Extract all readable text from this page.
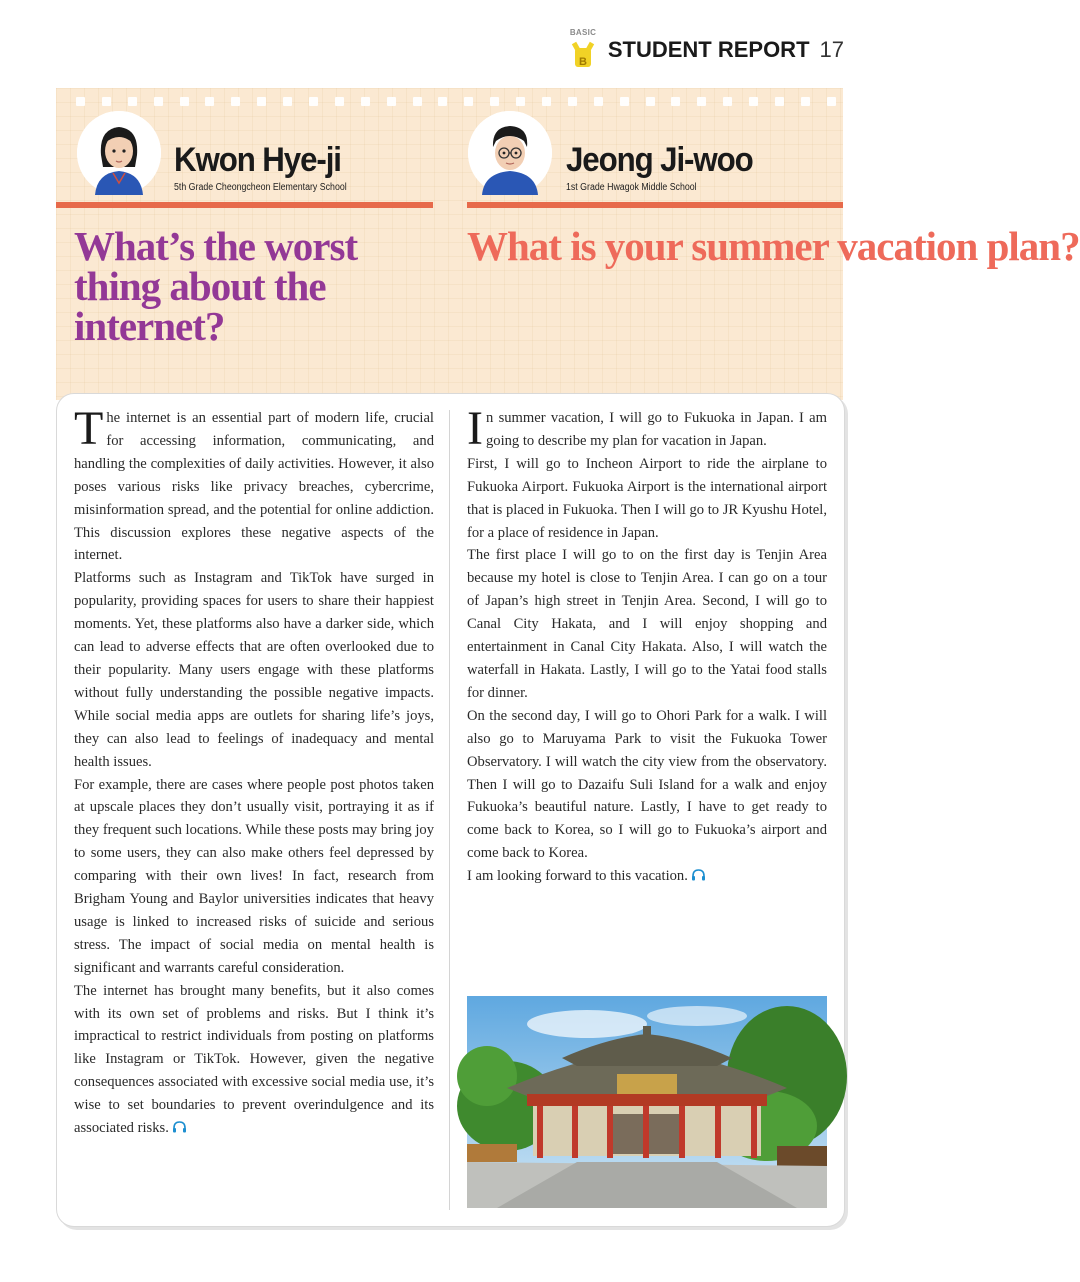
BASIC
B STUDENT REPORT 17
Kwon Hye-ji
5th Grade Cheongcheon Elementary School
What’s the worst thing about the internet?
Jeong Ji-woo
1st Grade Hwagok Middle School
What is your summer vacation plan?

The internet is an essential part of modern life, crucial for accessing information, communicating, and handling the complexities of daily activities. However, it also poses various risks like privacy breaches, cybercrime, misinformation spread, and the potential for online addiction. This discussion explores these negative aspects of the internet.

Platforms such as Instagram and TikTok have surged in popularity, providing spaces for users to share their happiest moments. Yet, these platforms also have a darker side, which can lead to adverse effects that are often overlooked due to their popularity. Many users engage with these platforms without fully understanding the possible negative impacts. While social media apps are outlets for sharing life’s joys, they can also lead to feelings of inadequacy and mental health issues.

For example, there are cases where people post photos taken at upscale places they don’t usually visit, portraying it as if they frequent such locations. While these posts may bring joy to some users, they can also make others feel depressed by comparing with their own lives! In fact, research from Brigham Young and Baylor universities indicates that heavy usage is linked to increased risks of suicide and serious stress. The impact of social media on mental health is significant and warrants careful consideration.

The internet has brought many benefits, but it also comes with its own set of problems and risks. But I think it’s impractical to restrict individuals from posting on platforms like Instagram or TikTok. However, given the negative consequences associated with excessive social media use, it’s wise to set boundaries to prevent overindulgence and its associated risks.

In summer vacation, I will go to Fukuoka in Japan. I am going to describe my plan for vacation in Japan.

First, I will go to Incheon Airport to ride the airplane to Fukuoka Airport. Fukuoka Airport is the international airport that is placed in Fukuoka. Then I will go to JR Kyushu Hotel, for a place of residence in Japan.

The first place I will go to on the first day is Tenjin Area because my hotel is close to Tenjin Area. I can go on a tour of Japan’s high street in Tenjin Area. Second, I will go to Canal City Hakata, and I will enjoy shopping and entertainment in Canal City Hakata. Also, I will watch the waterfall in Hakata. Lastly, I will go to the Yatai food stalls for dinner.

On the second day, I will go to Ohori Park for a walk. I will also go to Maruyama Park to visit the Fukuoka Tower Observatory. I will watch the city view from the observatory. Then I will go to Dazaifu Suli Island for a walk and enjoy Fukuoka’s beautiful nature. Lastly, I have to get ready to come back to Korea, so I will go to Fukuoka’s airport and come back to Korea.

I am looking forward to this vacation.
